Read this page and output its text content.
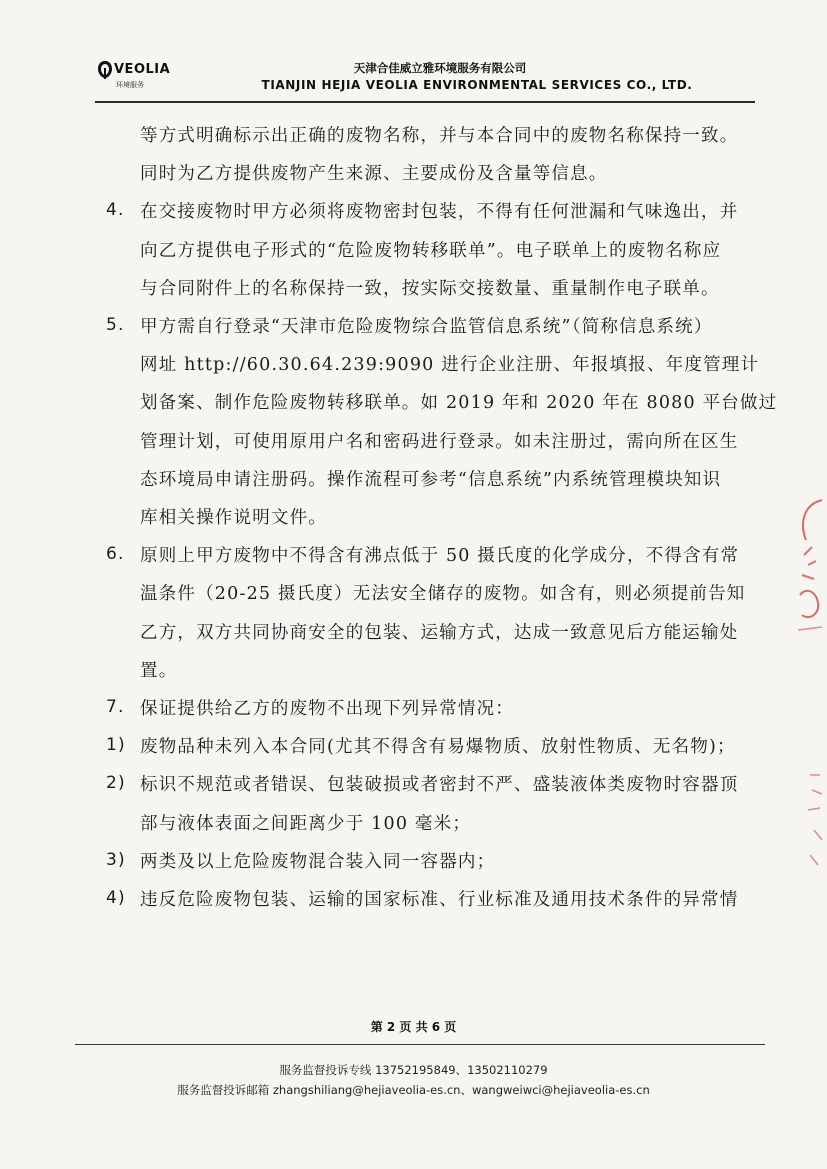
VEOLIA
环境服务
天津合佳威立雅环境服务有限公司
TIANJIN HEJIA VEOLIA ENVIRONMENTAL SERVICES CO., LTD.
等方式明确标示出正确的废物名称，并与本合同中的废物名称保持一致。
同时为乙方提供废物产生来源、主要成份及含量等信息。
4. 在交接废物时甲方必须将废物密封包装，不得有任何泄漏和气味逸出，并
向乙方提供电子形式的“危险废物转移联单”。电子联单上的废物名称应
与合同附件上的名称保持一致，按实际交接数量、重量制作电子联单。
5. 甲方需自行登录“天津市危险废物综合监管信息系统”（简称信息系统）
网址 http://60.30.64.239:9090 进行企业注册、年报填报、年度管理计
划备案、制作危险废物转移联单。如 2019 年和 2020 年在 8080 平台做过
管理计划，可使用原用户名和密码进行登录。如未注册过，需向所在区生
态环境局申请注册码。操作流程可参考“信息系统”内系统管理模块知识
库相关操作说明文件。
6. 原则上甲方废物中不得含有沸点低于 50 摄氏度的化学成分，不得含有常
温条件（20-25 摄氏度）无法安全储存的废物。如含有，则必须提前告知
乙方，双方共同协商安全的包装、运输方式，达成一致意见后方能运输处
置。
7. 保证提供给乙方的废物不出现下列异常情况：
1) 废物品种未列入本合同(尤其不得含有易爆物质、放射性物质、无名物)；
2) 标识不规范或者错误、包装破损或者密封不严、盛装液体类废物时容器顶
部与液体表面之间距离少于 100 毫米；
3) 两类及以上危险废物混合装入同一容器内；
4) 违反危险废物包装、运输的国家标准、行业标准及通用技术条件的异常情
第 2 页 共 6 页
服务监督投诉专线 13752195849、13502110279
服务监督投诉邮箱 zhangshiliang@hejiaveolia-es.cn、wangweiwci@hejiaveolia-es.cn
